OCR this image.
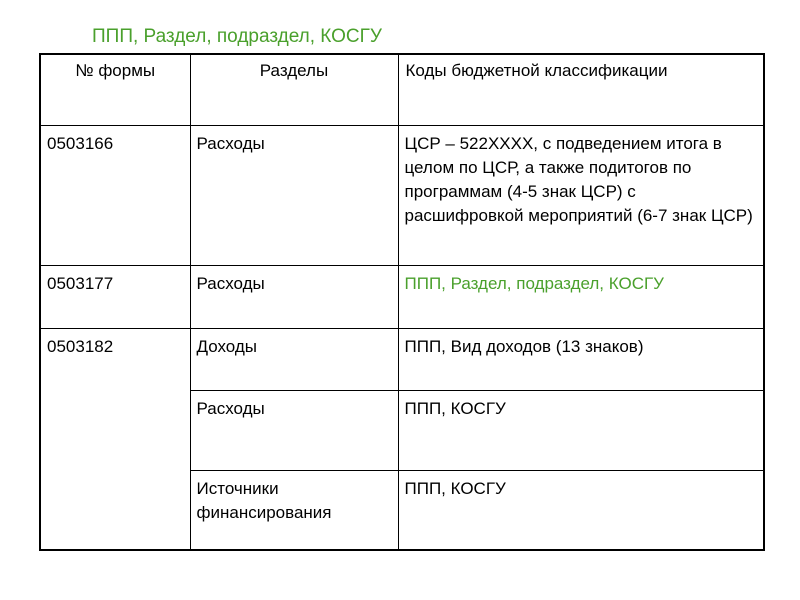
ППП, Раздел, подраздел, КОСГУ
№ формы	Разделы	Коды бюджетной классификации
0503166	Расходы	ЦСР – 522ХХХХ, с подведением итога в целом по ЦСР, а также подитогов по программам (4-5 знак ЦСР) с расшифровкой мероприятий (6-7 знак ЦСР)
0503177	Расходы	ППП, Раздел, подраздел, КОСГУ
0503182	Доходы	ППП, Вид доходов (13 знаков)
	Расходы	ППП, КОСГУ
	Источники финансирования	ППП, КОСГУ
